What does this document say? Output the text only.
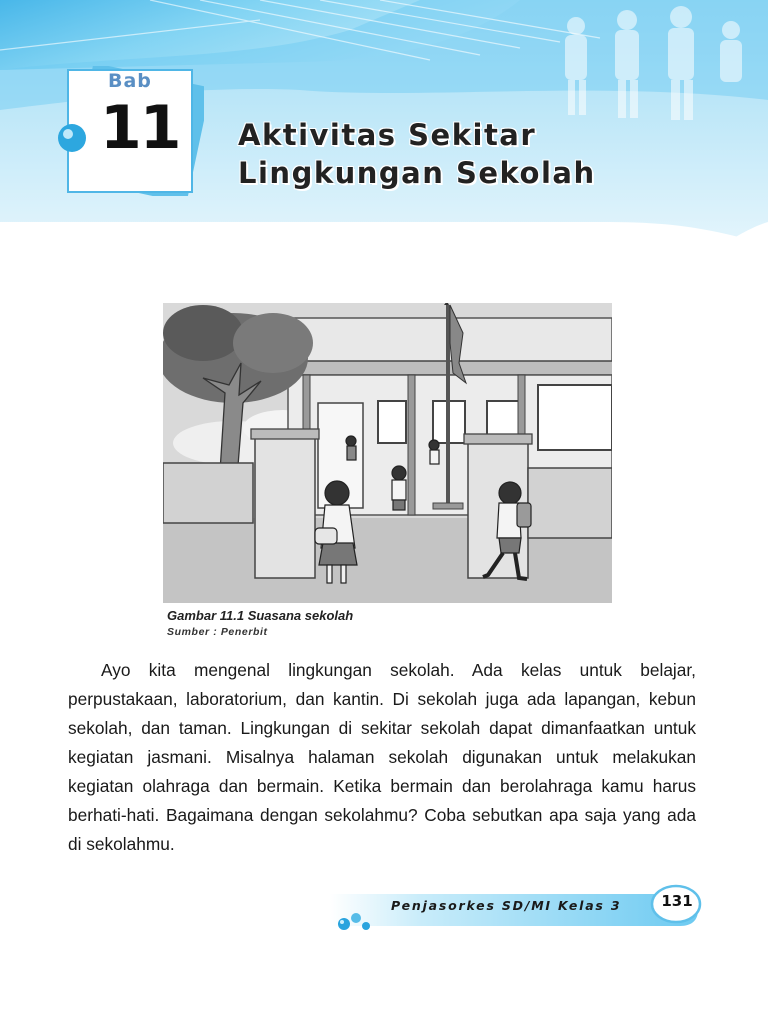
Bab
11 Aktivitas Sekitar
Lingkungan Sekolah
Gambar 11.1 Suasana sekolah
Sumber : Penerbit

Ayo kita mengenal lingkungan sekolah. Ada kelas untuk belajar, perpustakaan, laboratorium, dan kantin. Di sekolah juga ada lapangan, kebun sekolah, dan taman. Lingkungan di sekitar sekolah dapat dimanfaatkan untuk kegiatan jasmani. Misalnya halaman sekolah digunakan untuk melakukan kegiatan olahraga dan bermain. Ketika bermain dan berolahraga kamu harus berhati-hati. Bagaimana dengan sekolahmu? Coba sebutkan apa saja yang ada di sekolahmu.

Penjasorkes SD/MI Kelas 3	131
